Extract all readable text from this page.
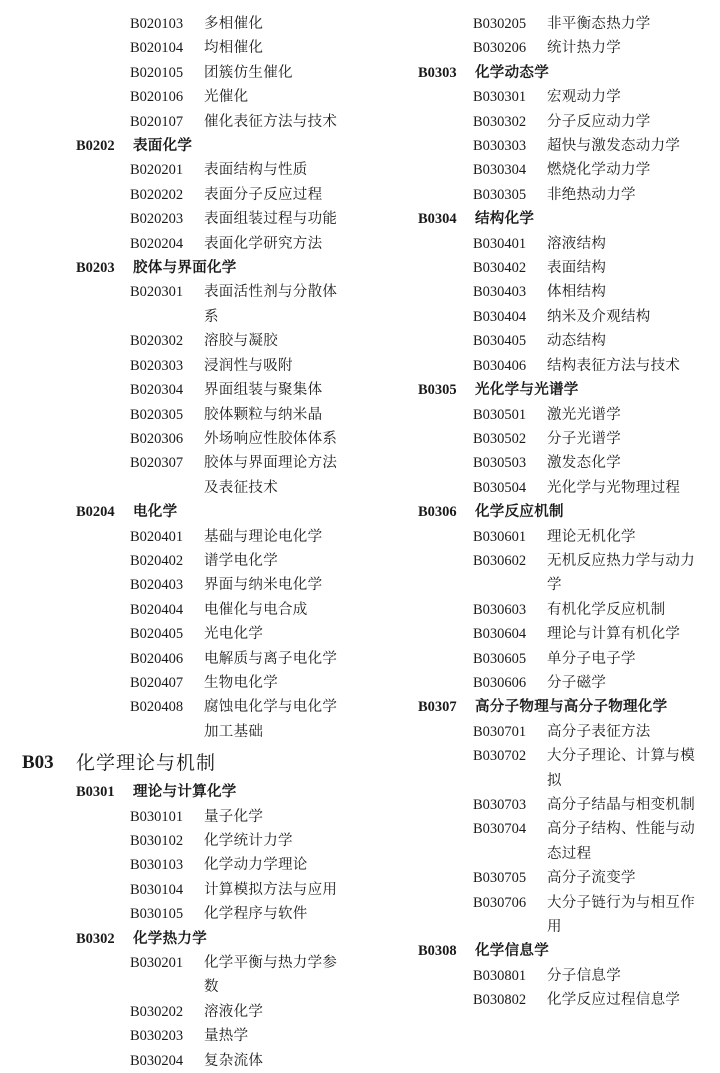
B020103	多相催化
B020104	均相催化
B020105	团簇仿生催化
B020106	光催化
B020107	催化表征方法与技术
B0202	表面化学
B020201	表面结构与性质
B020202	表面分子反应过程
B020203	表面组装过程与功能
B020204	表面化学研究方法
B0203	胶体与界面化学
B020301	表面活性剂与分散体系
B020302	溶胶与凝胶
B020303	浸润性与吸附
B020304	界面组装与聚集体
B020305	胶体颗粒与纳米晶
B020306	外场响应性胶体体系
B020307	胶体与界面理论方法及表征技术
B0204	电化学
B020401	基础与理论电化学
B020402	谱学电化学
B020403	界面与纳米电化学
B020404	电催化与电合成
B020405	光电化学
B020406	电解质与离子电化学
B020407	生物电化学
B020408	腐蚀电化学与电化学加工基础
B03	化学理论与机制
B0301	理论与计算化学
B030101	量子化学
B030102	化学统计力学
B030103	化学动力学理论
B030104	计算模拟方法与应用
B030105	化学程序与软件
B0302	化学热力学
B030201	化学平衡与热力学参数
B030202	溶液化学
B030203	量热学
B030204	复杂流体
B030205	非平衡态热力学
B030206	统计热力学
B0303	化学动态学
B030301	宏观动力学
B030302	分子反应动力学
B030303	超快与激发态动力学
B030304	燃烧化学动力学
B030305	非绝热动力学
B0304	结构化学
B030401	溶液结构
B030402	表面结构
B030403	体相结构
B030404	纳米及介观结构
B030405	动态结构
B030406	结构表征方法与技术
B0305	光化学与光谱学
B030501	激光光谱学
B030502	分子光谱学
B030503	激发态化学
B030504	光化学与光物理过程
B0306	化学反应机制
B030601	理论无机化学
B030602	无机反应热力学与动力学
B030603	有机化学反应机制
B030604	理论与计算有机化学
B030605	单分子电子学
B030606	分子磁学
B0307	高分子物理与高分子物理化学
B030701	高分子表征方法
B030702	大分子理论、计算与模拟
B030703	高分子结晶与相变机制
B030704	高分子结构、性能与动态过程
B030705	高分子流变学
B030706	大分子链行为与相互作用
B0308	化学信息学
B030801	分子信息学
B030802	化学反应过程信息学
